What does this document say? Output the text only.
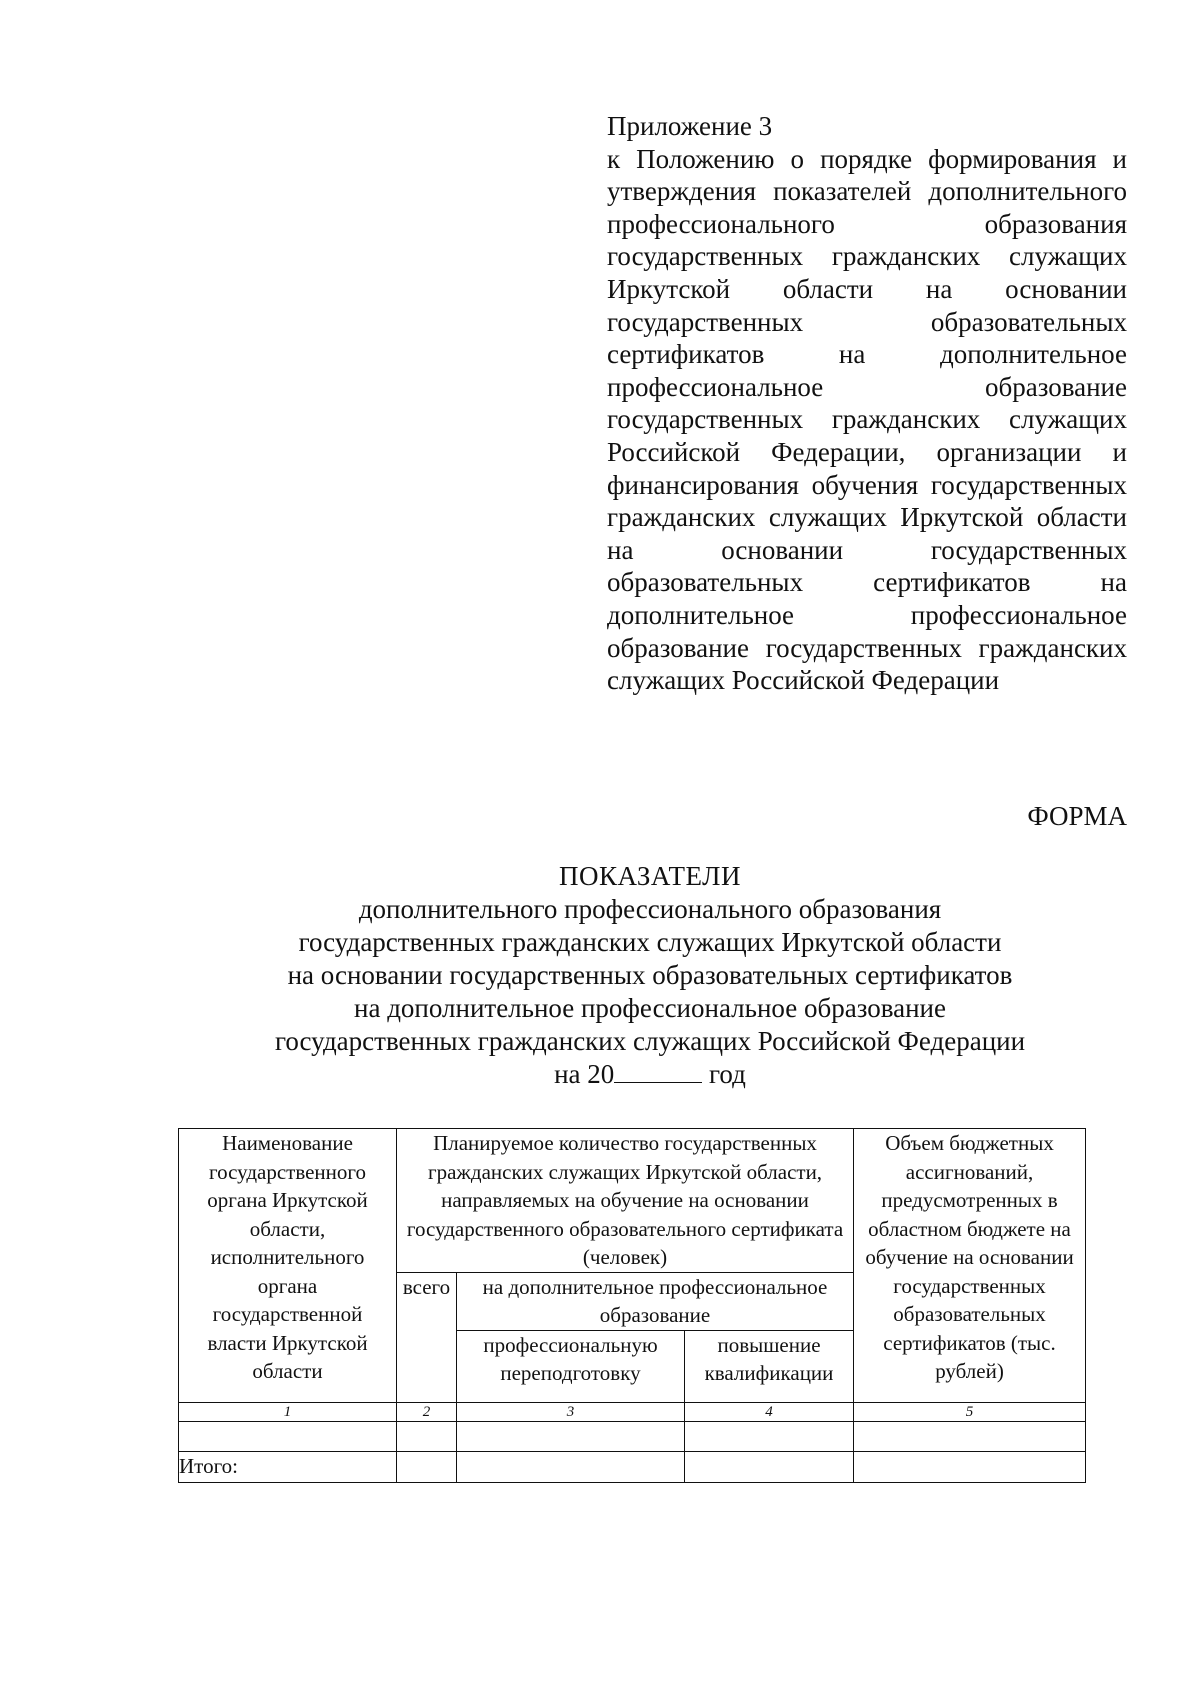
Приложение 3
к Положению о порядке формирования и утверждения показателей дополнительного профессионального образования государственных гражданских служащих Иркутской области на основании государственных образовательных сертификатов на дополнительное профессиональное образование государственных гражданских служащих Российской Федерации, организации и финансирования обучения государственных гражданских служащих Иркутской области на основании государственных образовательных сертификатов на дополнительное профессиональное образование государственных гражданских служащих Российской Федерации
ФОРМА
ПОКАЗАТЕЛИ
дополнительного профессионального образования
государственных гражданских служащих Иркутской области
на основании государственных образовательных сертификатов
на дополнительное профессиональное образование
государственных гражданских служащих Российской Федерации
на 20	год
Наименование государственного органа Иркутской области, исполнительного органа государственной власти Иркутской области	Планируемое количество государственных гражданских служащих Иркутской области, направляемых на обучение на основании государственного образовательного сертификата (человек)			Объем бюджетных ассигнований, предусмотренных в областном бюджете на обучение на основании государственных образовательных сертификатов (тыс. рублей)
	всего	на дополнительное профессиональное образование		
		профессиональную переподготовку	повышение квалификации	
1	2	3	4	5

Итого:				
